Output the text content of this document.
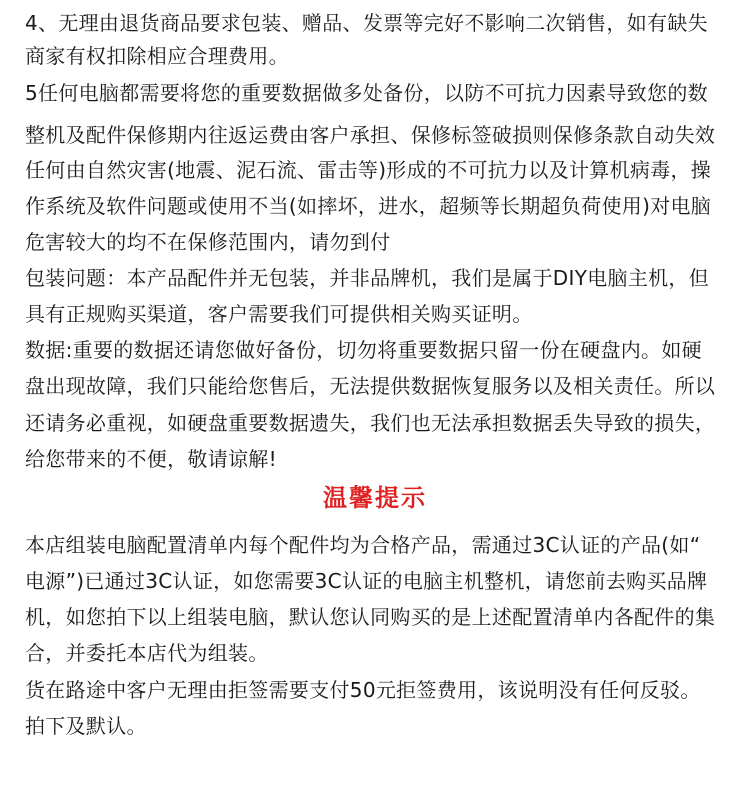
4、无理由退货商品要求包装、赠品、发票等完好不影响二次销售，如有缺失
商家有权扣除相应合理费用。
5任何电脑都需要将您的重要数据做多处备份，以防不可抗力因素导致您的数
整机及配件保修期内往返运费由客户承担、保修标签破损则保修条款自动失效
任何由自然灾害(地震、泥石流、雷击等)形成的不可抗力以及计算机病毒，操
作系统及软件问题或使用不当(如摔坏，进水，超频等长期超负荷使用)对电脑
危害较大的均不在保修范围内，请勿到付
包装问题：本产品配件并无包装，并非品牌机，我们是属于DIY电脑主机，但
具有正规购买渠道，客户需要我们可提供相关购买证明。
数据:重要的数据还请您做好备份，切勿将重要数据只留一份在硬盘内。如硬
盘出现故障，我们只能给您售后，无法提供数据恢复服务以及相关责任。所以
还请务必重视，如硬盘重要数据遗失，我们也无法承担数据丢失导致的损失，
给您带来的不便，敬请谅解!
温馨提示
本店组装电脑配置清单内每个配件均为合格产品，需通过3C认证的产品(如“
电源”)已通过3C认证，如您需要3C认证的电脑主机整机，请您前去购买品牌
机，如您拍下以上组装电脑，默认您认同购买的是上述配置清单内各配件的集
合，并委托本店代为组装。
货在路途中客户无理由拒签需要支付50元拒签费用，该说明没有任何反驳。
拍下及默认。
